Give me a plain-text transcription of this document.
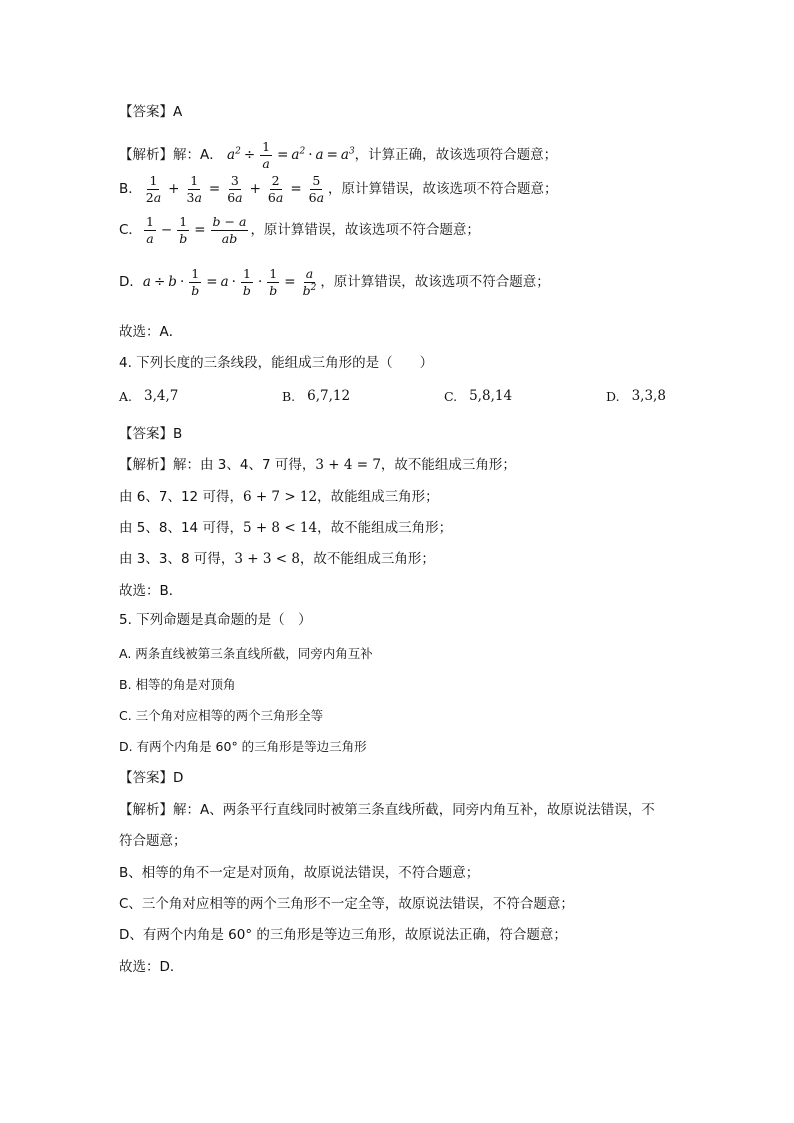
【答案】A
【解析】解：A． $a^2 \div \frac{1}{a} = a^2 \cdot a = a^3$ ，计算正确，故该选项符合题意；
B． $\frac{1}{2a} + \frac{1}{3a} = \frac{3}{6a} + \frac{2}{6a} = \frac{5}{6a}$ ，原计算错误，故该选项不符合题意；
C． $\frac{1}{a} - \frac{1}{b} = \frac{b - a}{ab}$ ，原计算错误，故该选项不符合题意；
D． $a \div b \cdot \frac{1}{b} = a \cdot \frac{1}{b} \cdot \frac{1}{b} = \frac{a}{b^2}$ ，原计算错误，故该选项不符合题意；
故选：A．
4. 下列长度的三条线段，能组成三角形的是（　　）
A. 3,4,7	B. 6,7,12	C. 5,8,14	D. 3,3,8
【答案】B
【解析】解：由 3、4、7 可得， 3 + 4 = 7 ，故不能组成三角形；
由 6、7、12 可得， 6 + 7 > 12 ，故能组成三角形；
由 5、8、14 可得， 5 + 8 < 14 ，故不能组成三角形；
由 3、3、8 可得， 3 + 3 < 8 ，故不能组成三角形；
故选：B．
5. 下列命题是真命题的是（　）
A. 两条直线被第三条直线所截，同旁内角互补
B. 相等的角是对顶角
C. 三个角对应相等的两个三角形全等
D. 有两个内角是 60° 的三角形是等边三角形
【答案】D
【解析】解：A、两条平行直线同时被第三条直线所截，同旁内角互补，故原说法错误，不
符合题意；
B、相等的角不一定是对顶角，故原说法错误，不符合题意；
C、三个角对应相等的两个三角形不一定全等，故原说法错误，不符合题意；
D、有两个内角是 60° 的三角形是等边三角形，故原说法正确，符合题意；
故选：D．
